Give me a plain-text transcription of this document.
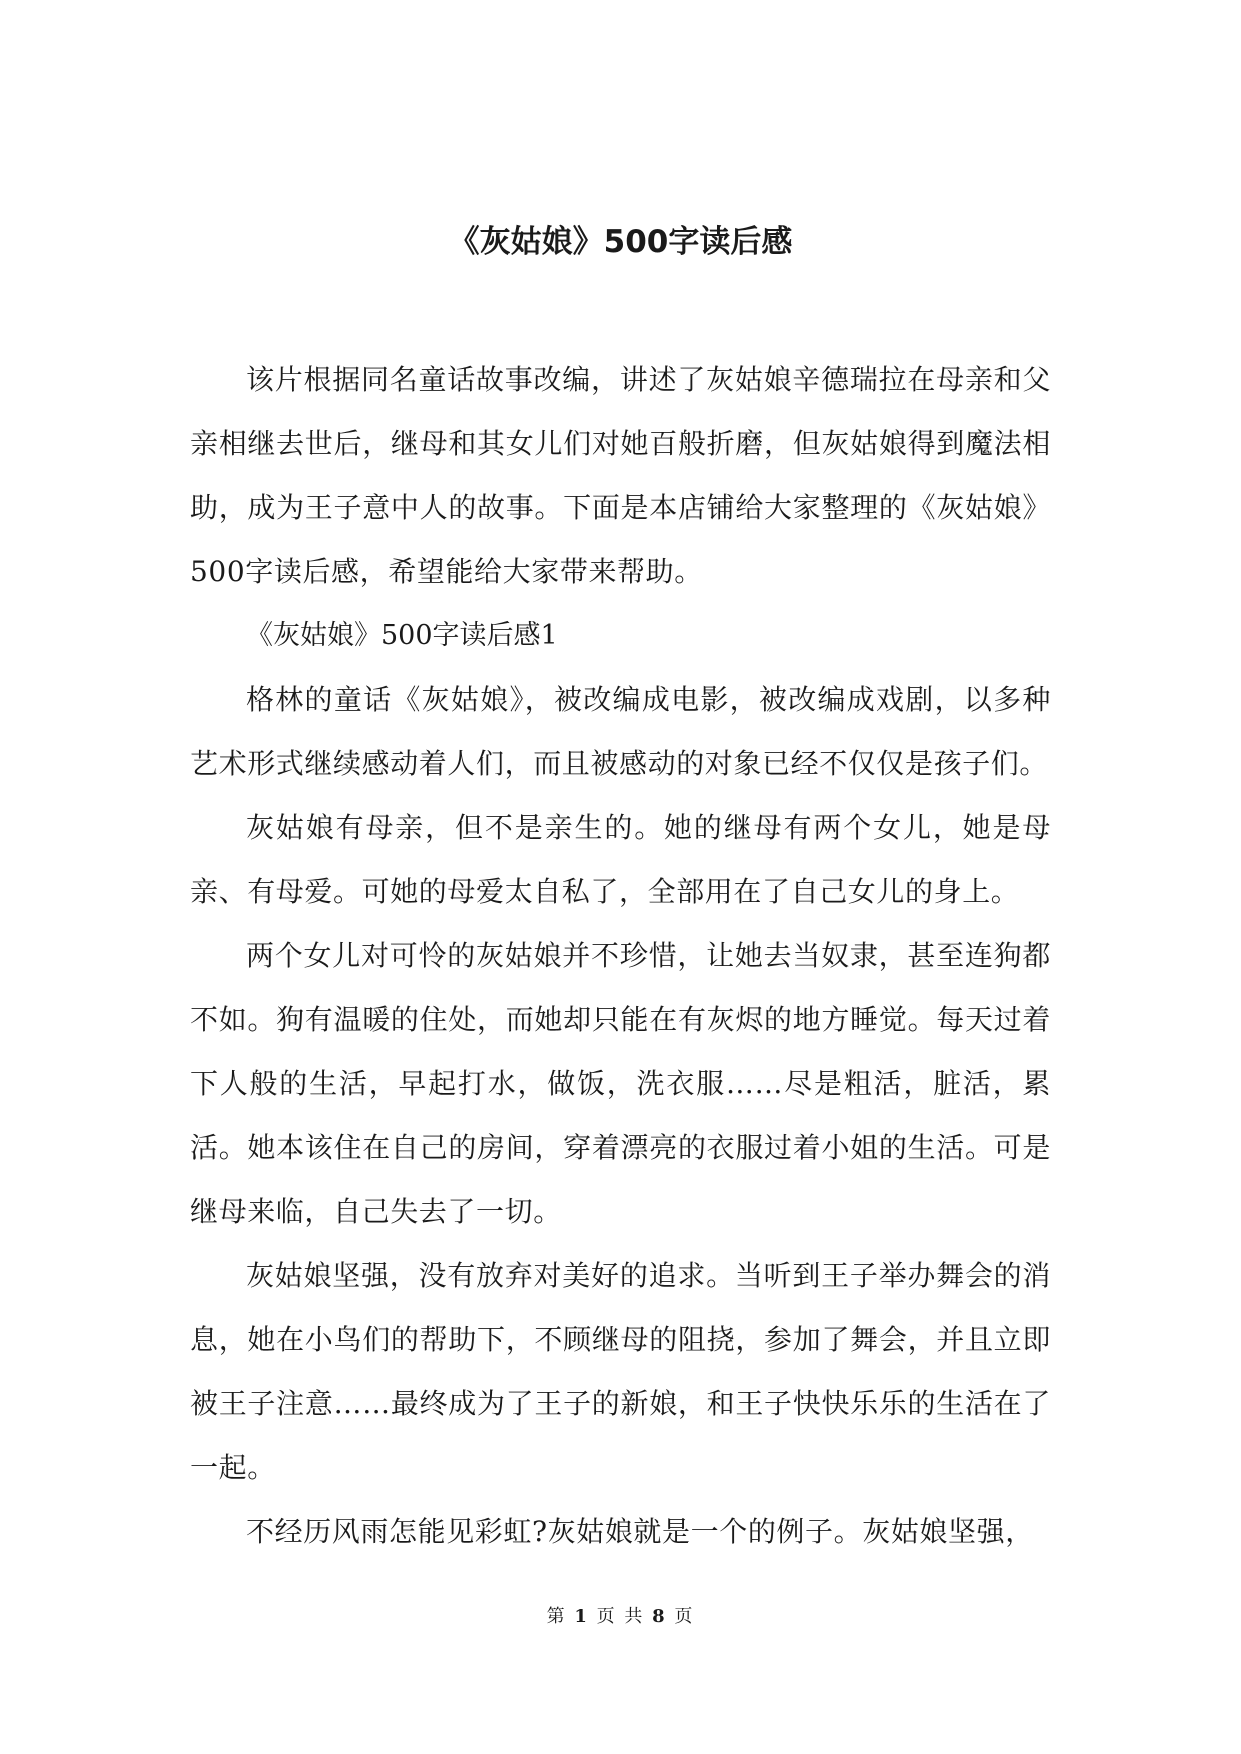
《灰姑娘》500字读后感

该片根据同名童话故事改编，讲述了灰姑娘辛德瑞拉在母亲和父亲相继去世后，继母和其女儿们对她百般折磨，但灰姑娘得到魔法相助，成为王子意中人的故事。下面是本店铺给大家整理的《灰姑娘》500字读后感，希望能给大家带来帮助。

《灰姑娘》500字读后感1

格林的童话《灰姑娘》，被改编成电影，被改编成戏剧，以多种艺术形式继续感动着人们，而且被感动的对象已经不仅仅是孩子们。

灰姑娘有母亲，但不是亲生的。她的继母有两个女儿，她是母亲、有母爱。可她的母爱太自私了，全部用在了自己女儿的身上。

两个女儿对可怜的灰姑娘并不珍惜，让她去当奴隶，甚至连狗都不如。狗有温暖的住处，而她却只能在有灰烬的地方睡觉。每天过着下人般的生活，早起打水，做饭，洗衣服……尽是粗活，脏活，累活。她本该住在自己的房间，穿着漂亮的衣服过着小姐的生活。可是继母来临，自己失去了一切。

灰姑娘坚强，没有放弃对美好的追求。当听到王子举办舞会的消息，她在小鸟们的帮助下，不顾继母的阻挠，参加了舞会，并且立即被王子注意……最终成为了王子的新娘，和王子快快乐乐的生活在了一起。

不经历风雨怎能见彩虹?灰姑娘就是一个的例子。灰姑娘坚强，

第 1 页 共 8 页
